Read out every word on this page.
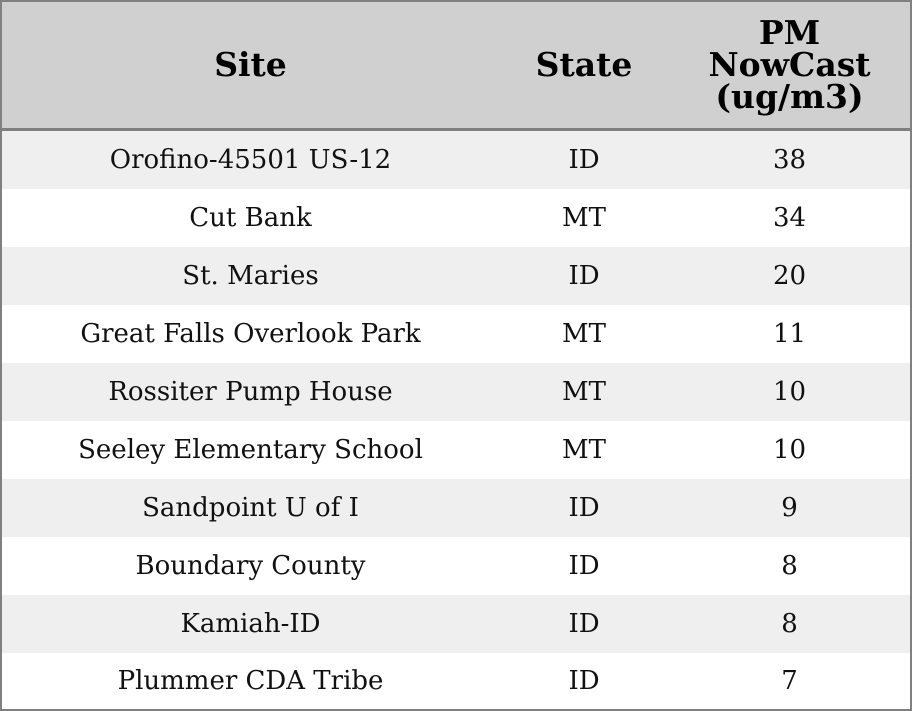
Site	State	PM
NowCast
(ug/m3)
Orofino-45501 US-12	ID	38
Cut Bank	MT	34
St. Maries	ID	20
Great Falls Overlook Park	MT	11
Rossiter Pump House	MT	10
Seeley Elementary School	MT	10
Sandpoint U of I	ID	9
Boundary County	ID	8
Kamiah-ID	ID	8
Plummer CDA Tribe	ID	7
